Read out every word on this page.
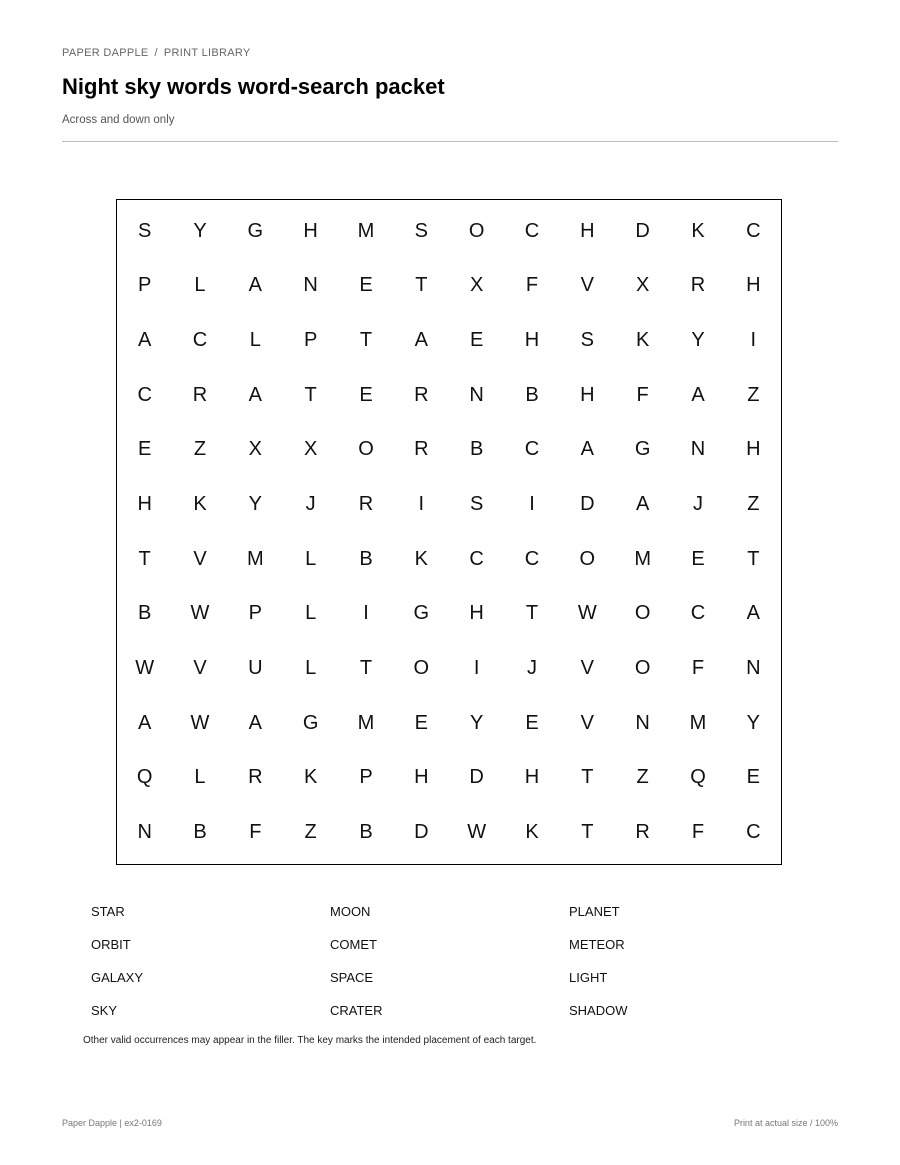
PAPER DAPPLE / PRINT LIBRARY
Night sky words word-search packet
Across and down only
S	Y	G	H	M	S	O	C	H	D	K	C
P	L	A	N	E	T	X	F	V	X	R	H
A	C	L	P	T	A	E	H	S	K	Y	I
C	R	A	T	E	R	N	B	H	F	A	Z
E	Z	X	X	O	R	B	C	A	G	N	H
H	K	Y	J	R	I	S	I	D	A	J	Z
T	V	M	L	B	K	C	C	O	M	E	T
B	W	P	L	I	G	H	T	W	O	C	A
W	V	U	L	T	O	I	J	V	O	F	N
A	W	A	G	M	E	Y	E	V	N	M	Y
Q	L	R	K	P	H	D	H	T	Z	Q	E
N	B	F	Z	B	D	W	K	T	R	F	C
STAR	MOON	PLANET
ORBIT	COMET	METEOR
GALAXY	SPACE	LIGHT
SKY	CRATER	SHADOW
Other valid occurrences may appear in the filler. The key marks the intended placement of each target.
Paper Dapple | ex2-0169	Print at actual size / 100%
